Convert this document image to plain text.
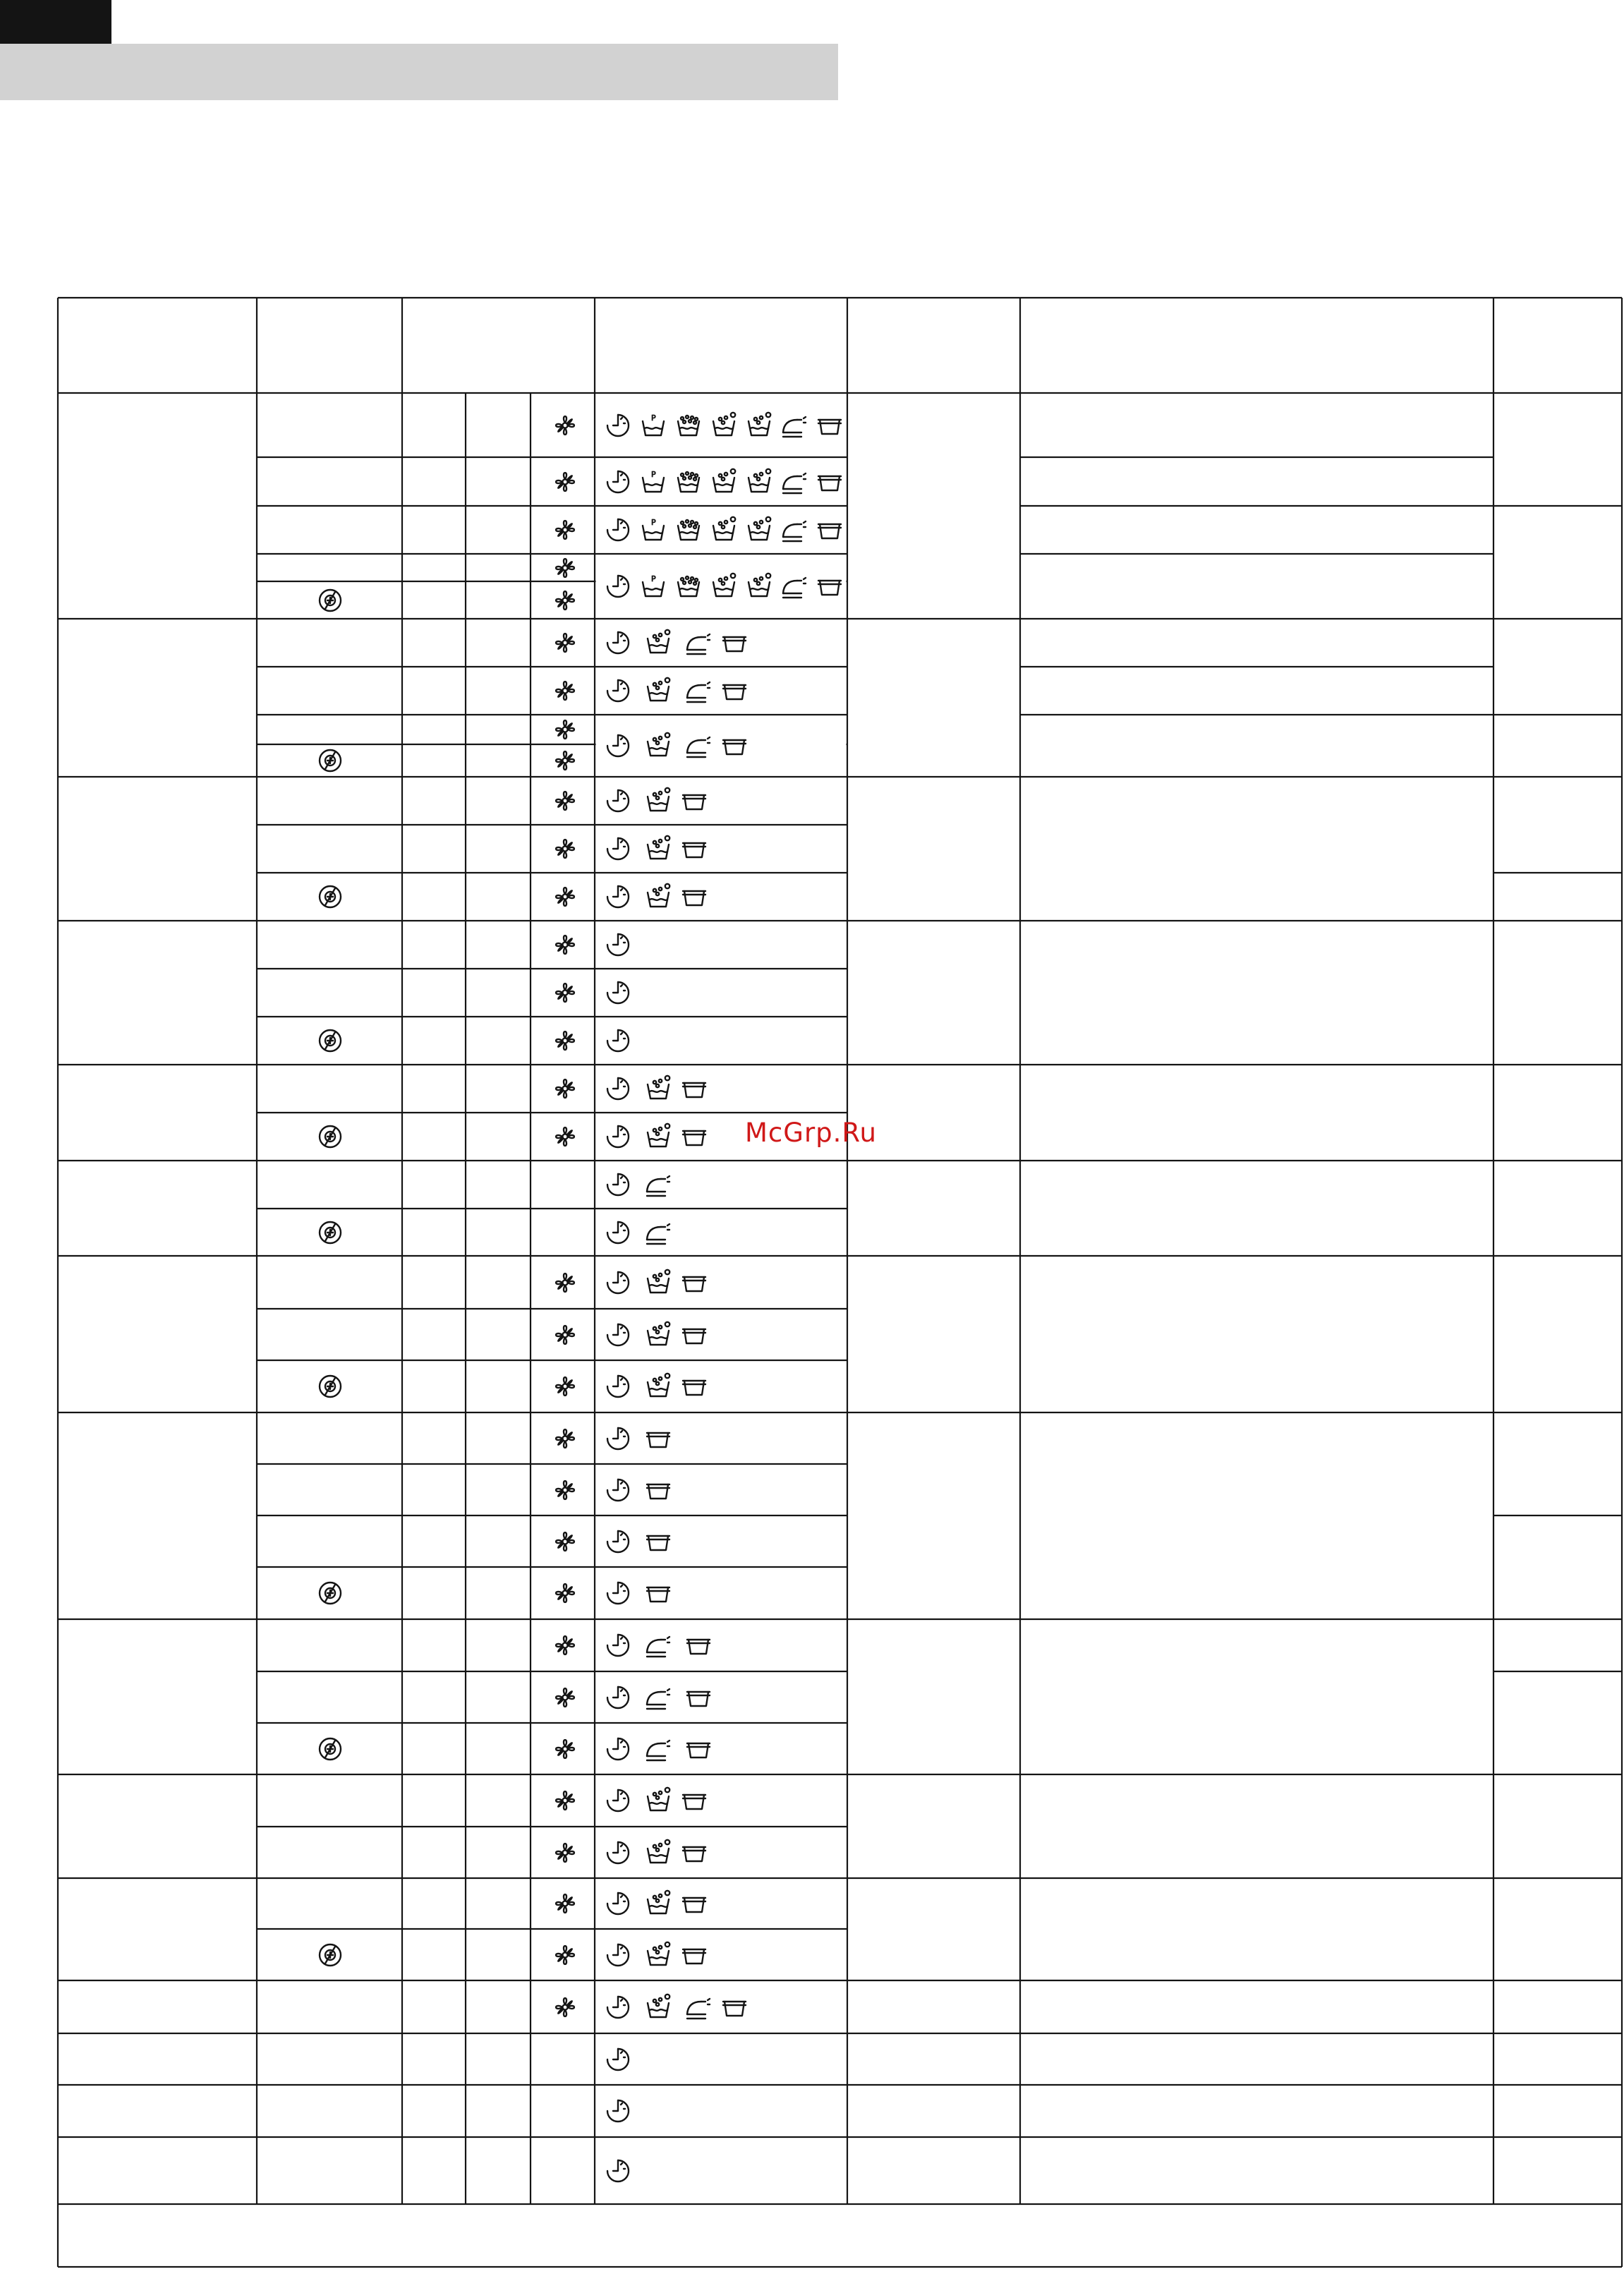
P
P
P
P
McGrp.Ru
